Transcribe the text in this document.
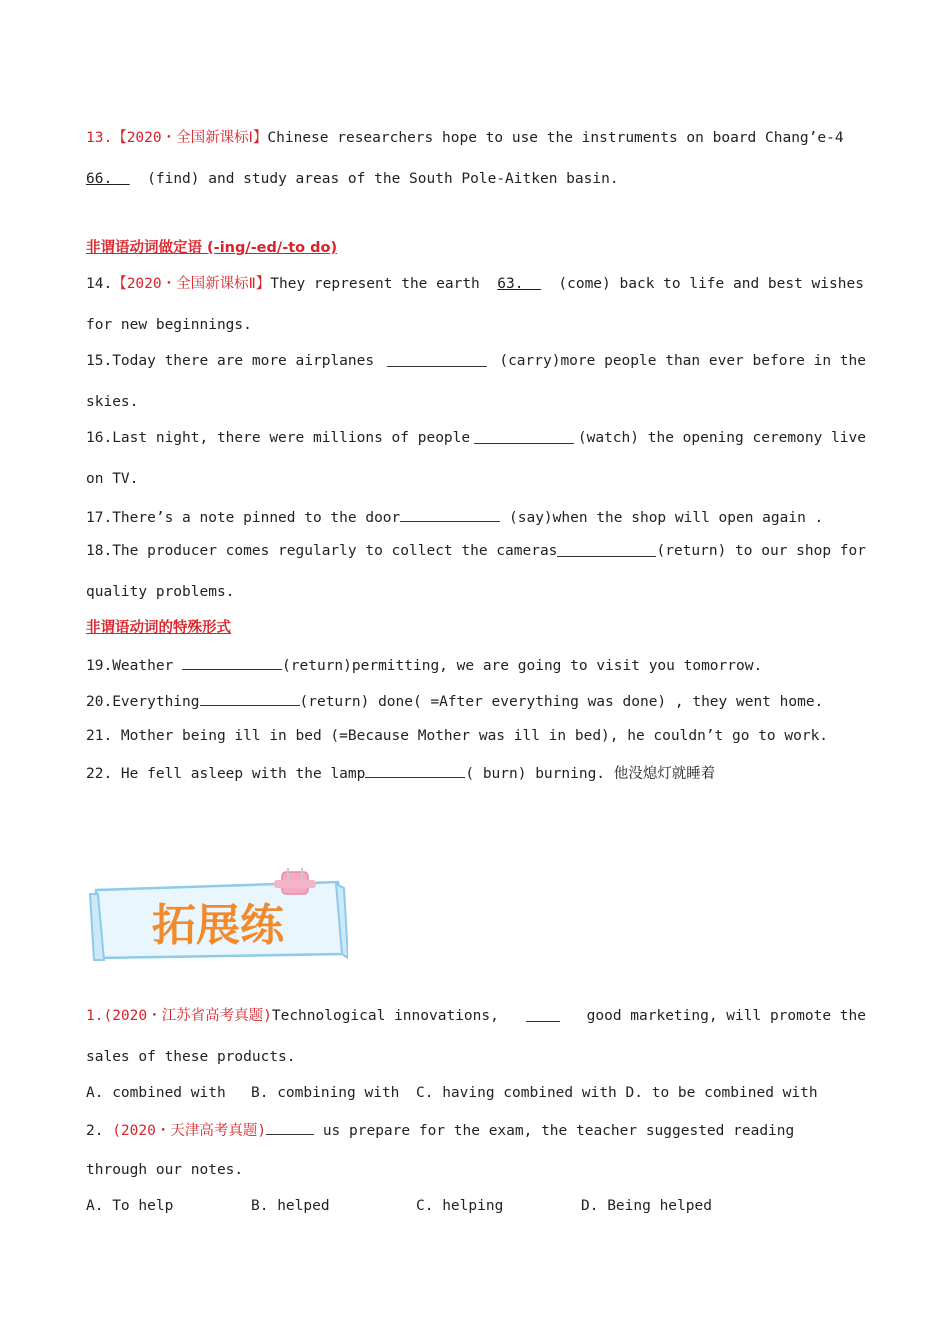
13.【2020・全国新课标Ⅰ】Chinese researchers hope to use the instruments on board Chang’e-4
66. (find) and study areas of the South Pole-Aitken basin.
非谓语动词做定语 (-ing/-ed/-to do)
14.【2020・全国新课标Ⅱ】They represent the earth 63. (come) back to life and best wishes
for new beginnings.
15.Today there are more airplanes	(carry)more people than ever before in the
skies.
16.Last night, there were millions of people	(watch) the opening ceremony live
on TV.
17.There’s a note pinned to the door	(say)when the shop will open again .
18.The producer comes regularly to collect the cameras	(return) to our shop for
quality problems.
非谓语动词的特殊形式
19.Weather	(return)permitting, we are going to visit you tomorrow.
20.Everything	(return) done( =After everything was done) , they went home.
21. Mother being ill in bed (=Because Mother was ill in bed), he couldn’t go to work.
22. He fell asleep with the lamp	( burn) burning. 他没熄灯就睡着
拓展练
1.(2020・江苏省高考真题)Technological innovations,	good marketing, will promote the
sales of these products.
A. combined with B. combining with C. having combined with D. to be combined with
2. (2020・天津高考真题)	us prepare for the exam, the teacher suggested reading
through our notes.
A. To help	B. helped	C. helping	D. Being helped
